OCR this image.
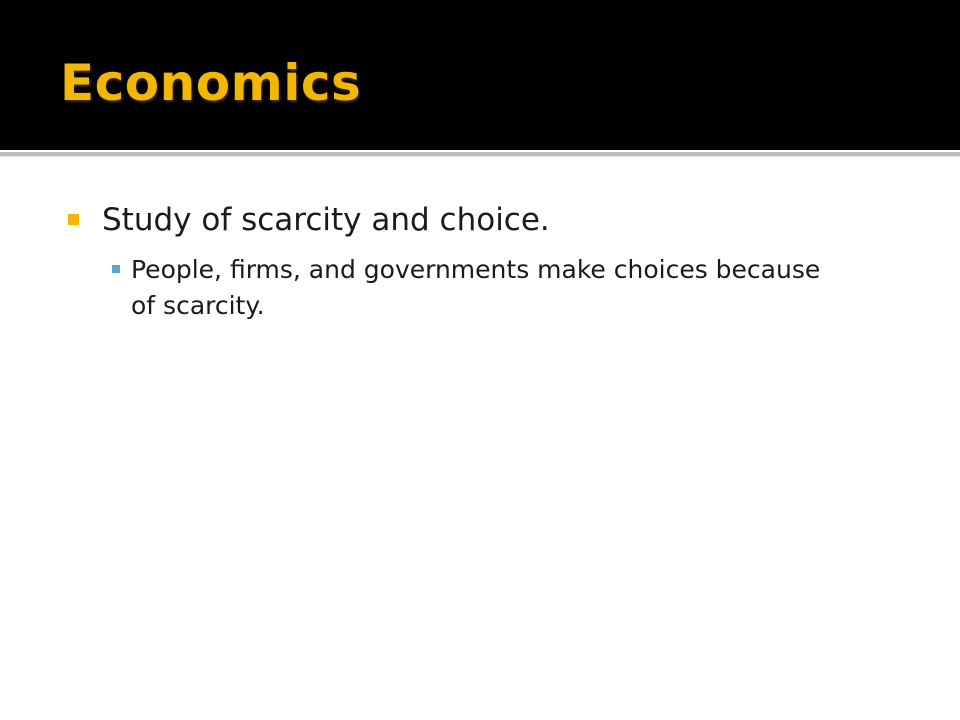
Economics
Study of scarcity and choice.
People, firms, and governments make choices because of scarcity.
